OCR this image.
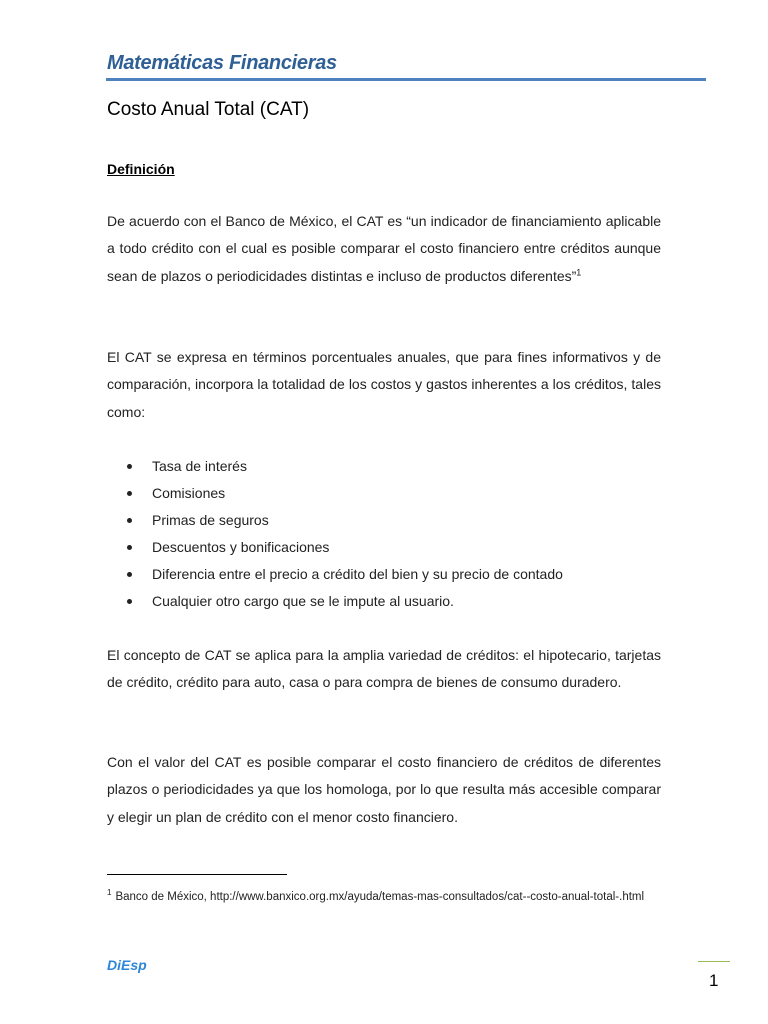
Matemáticas Financieras
Costo Anual Total (CAT)
Definición

De acuerdo con el Banco de México, el CAT es “un indicador de financiamiento aplicable a todo crédito con el cual es posible comparar el costo financiero entre créditos aunque sean de plazos o periodicidades distintas e incluso de productos diferentes”$^1$

El CAT se expresa en términos porcentuales anuales, que para fines informativos y de comparación, incorpora la totalidad de los costos y gastos inherentes a los créditos, tales como:

Tasa de interés
Comisiones
Primas de seguros
Descuentos y bonificaciones
Diferencia entre el precio a crédito del bien y su precio de contado
Cualquier otro cargo que se le impute al usuario.

El concepto de CAT se aplica para la amplia variedad de créditos: el hipotecario, tarjetas de crédito, crédito para auto, casa o para compra de bienes de consumo duradero.

Con el valor del CAT es posible comparar el costo financiero de créditos de diferentes plazos o periodicidades ya que los homologa, por lo que resulta más accesible comparar y elegir un plan de crédito con el menor costo financiero.

$^1$ Banco de México, http://www.banxico.org.mx/ayuda/temas-mas-consultados/cat--costo-anual-total-.html

DiEsp
1
